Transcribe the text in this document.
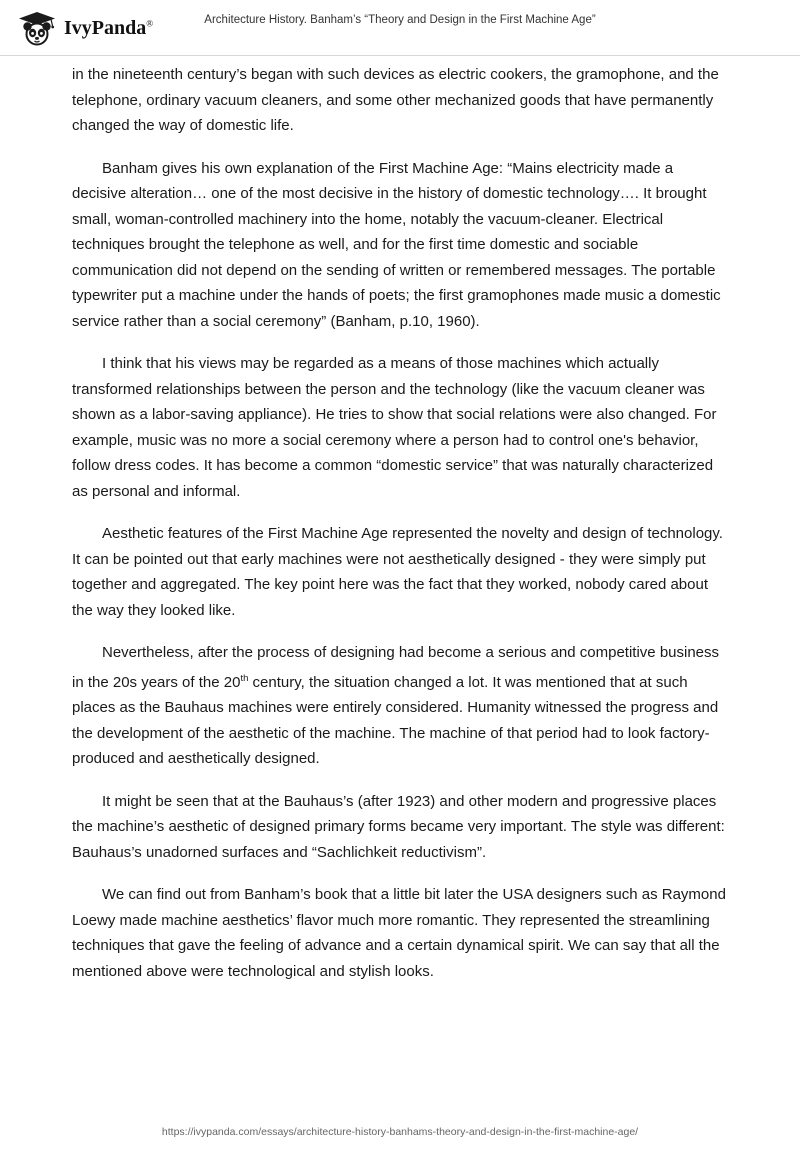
IvyPanda®	Architecture History. Banham’s “Theory and Design in the First Machine Age”

in the nineteenth century’s began with such devices as electric cookers, the gramophone, and the telephone, ordinary vacuum cleaners, and some other mechanized goods that have permanently changed the way of domestic life.

Banham gives his own explanation of the First Machine Age: “Mains electricity made a decisive alteration… one of the most decisive in the history of domestic technology…. It brought small, woman-controlled machinery into the home, notably the vacuum-cleaner. Electrical techniques brought the telephone as well, and for the first time domestic and sociable communication did not depend on the sending of written or remembered messages. The portable typewriter put a machine under the hands of poets; the first gramophones made music a domestic service rather than a social ceremony” (Banham, p.10, 1960).

I think that his views may be regarded as a means of those machines which actually transformed relationships between the person and the technology (like the vacuum cleaner was shown as a labor-saving appliance). He tries to show that social relations were also changed. For example, music was no more a social ceremony where a person had to control one's behavior, follow dress codes. It has become a common “domestic service” that was naturally characterized as personal and informal.

Aesthetic features of the First Machine Age represented the novelty and design of technology. It can be pointed out that early machines were not aesthetically designed - they were simply put together and aggregated. The key point here was the fact that they worked, nobody cared about the way they looked like.

Nevertheless, after the process of designing had become a serious and competitive business in the 20s years of the 20th century, the situation changed a lot. It was mentioned that at such places as the Bauhaus machines were entirely considered. Humanity witnessed the progress and the development of the aesthetic of the machine. The machine of that period had to look factory-produced and aesthetically designed.

It might be seen that at the Bauhaus’s (after 1923) and other modern and progressive places the machine’s aesthetic of designed primary forms became very important. The style was different: Bauhaus’s unadorned surfaces and “Sachlichkeit reductivism”.

We can find out from Banham’s book that a little bit later the USA designers such as Raymond Loewy made machine aesthetics’ flavor much more romantic. They represented the streamlining techniques that gave the feeling of advance and a certain dynamical spirit. We can say that all the mentioned above were technological and stylish looks.

https://ivypanda.com/essays/architecture-history-banhams-theory-and-design-in-the-first-machine-age/
